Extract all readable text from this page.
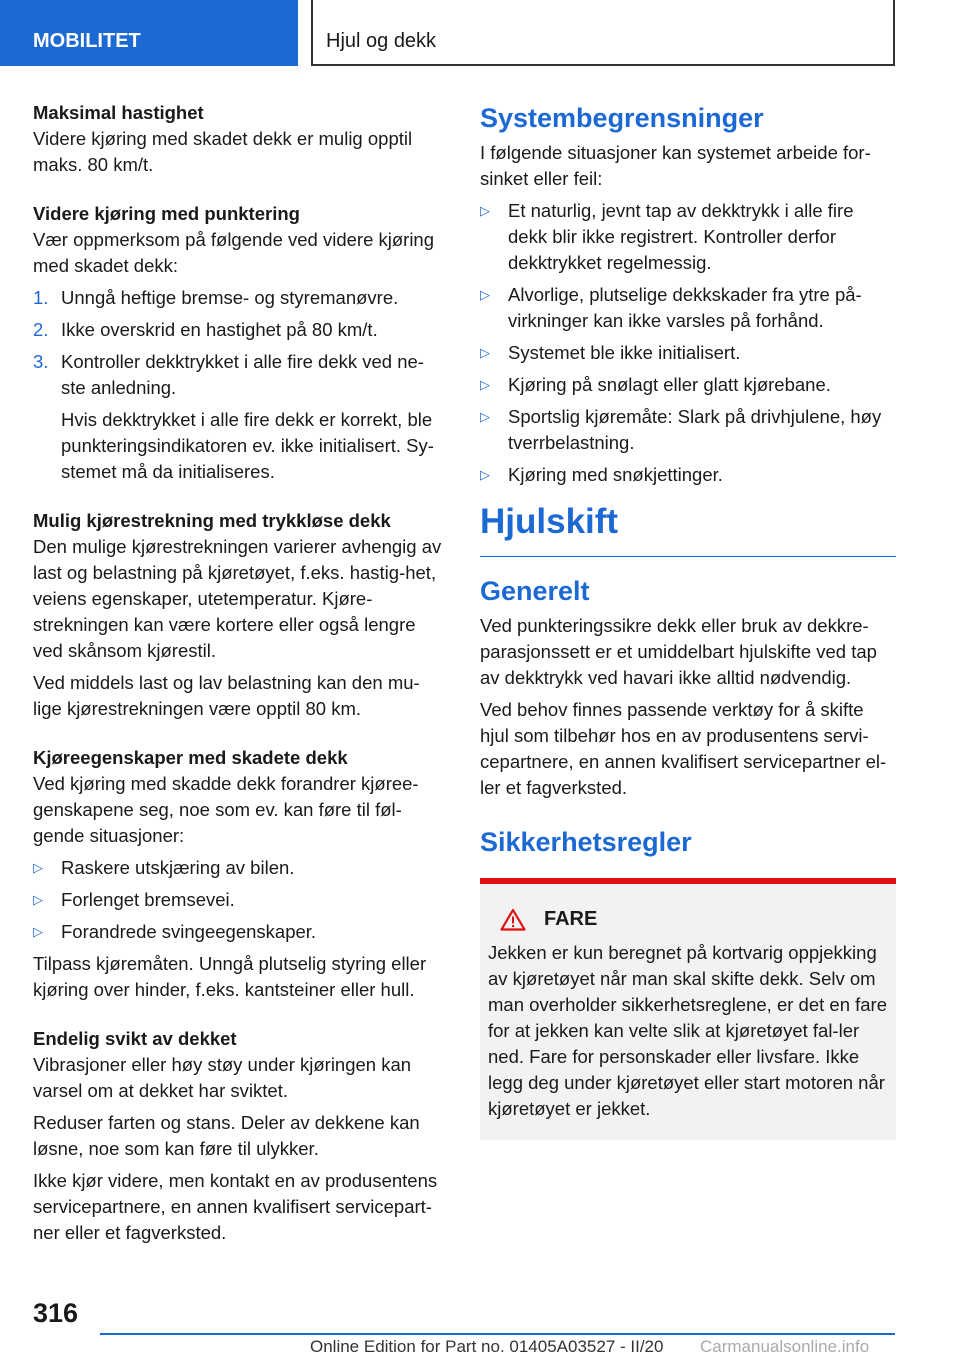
MOBILITET	Hjul og dekk
Maksimal hastighet
Videre kjøring med skadet dekk er mulig opptil maks. 80 km/t.
Videre kjøring med punktering
Vær oppmerksom på følgende ved videre kjøring med skadet dekk:
1. Unngå heftige bremse- og styremanøvre.
2. Ikke overskrid en hastighet på 80 km/t.
3. Kontroller dekktrykket i alle fire dekk ved ne-ste anledning.
Hvis dekktrykket i alle fire dekk er korrekt, ble punkteringsindikatoren ev. ikke initialisert. Sy-stemet må da initialiseres.
Mulig kjørestrekning med trykkløse dekk
Den mulige kjørestrekningen varierer avhengig av last og belastning på kjøretøyet, f.eks. hastig-het, veiens egenskaper, utetemperatur. Kjøre-strekningen kan være kortere eller også lengre ved skånsom kjørestil.
Ved middels last og lav belastning kan den mu-lige kjørestrekningen være opptil 80 km.
Kjøreegenskaper med skadete dekk
Ved kjøring med skadde dekk forandrer kjøree-genskapene seg, noe som ev. kan føre til føl-gende situasjoner:
▷ Raskere utskjæring av bilen.
▷ Forlenget bremsevei.
▷ Forandrede svingeegenskaper.
Tilpass kjøremåten. Unngå plutselig styring eller kjøring over hinder, f.eks. kantsteiner eller hull.
Endelig svikt av dekket
Vibrasjoner eller høy støy under kjøringen kan varsel om at dekket har sviktet.
Reduser farten og stans. Deler av dekkene kan løsne, noe som kan føre til ulykker.
Ikke kjør videre, men kontakt en av produsentens servicepartnere, en annen kvalifisert servicepart-ner eller et fagverksted.
Systembegrensninger
I følgende situasjoner kan systemet arbeide for-sinket eller feil:
▷ Et naturlig, jevnt tap av dekktrykk i alle fire dekk blir ikke registrert. Kontroller derfor dekktrykket regelmessig.
▷ Alvorlige, plutselige dekkskader fra ytre på-virkninger kan ikke varsles på forhånd.
▷ Systemet ble ikke initialisert.
▷ Kjøring på snølagt eller glatt kjørebane.
▷ Sportslig kjøremåte: Slark på drivhjulene, høy tverrbelastning.
▷ Kjøring med snøkjettinger.
Hjulskift
Generelt
Ved punkteringssikre dekk eller bruk av dekkre-parasjonssett er et umiddelbart hjulskifte ved tap av dekktrykk ved havari ikke alltid nødvendig.
Ved behov finnes passende verktøy for å skifte hjul som tilbehør hos en av produsentens servi-cepartnere, en annen kvalifisert servicepartner el-ler et fagverksted.
Sikkerhetsregler
FARE
Jekken er kun beregnet på kortvarig oppjekking av kjøretøyet når man skal skifte dekk. Selv om man overholder sikkerhetsreglene, er det en fare for at jekken kan velte slik at kjøretøyet fal-ler ned. Fare for personskader eller livsfare. Ikke legg deg under kjøretøyet eller start motoren når kjøretøyet er jekket.
316
Online Edition for Part no. 01405A03527 - II/20 Carmanualsonline.info
